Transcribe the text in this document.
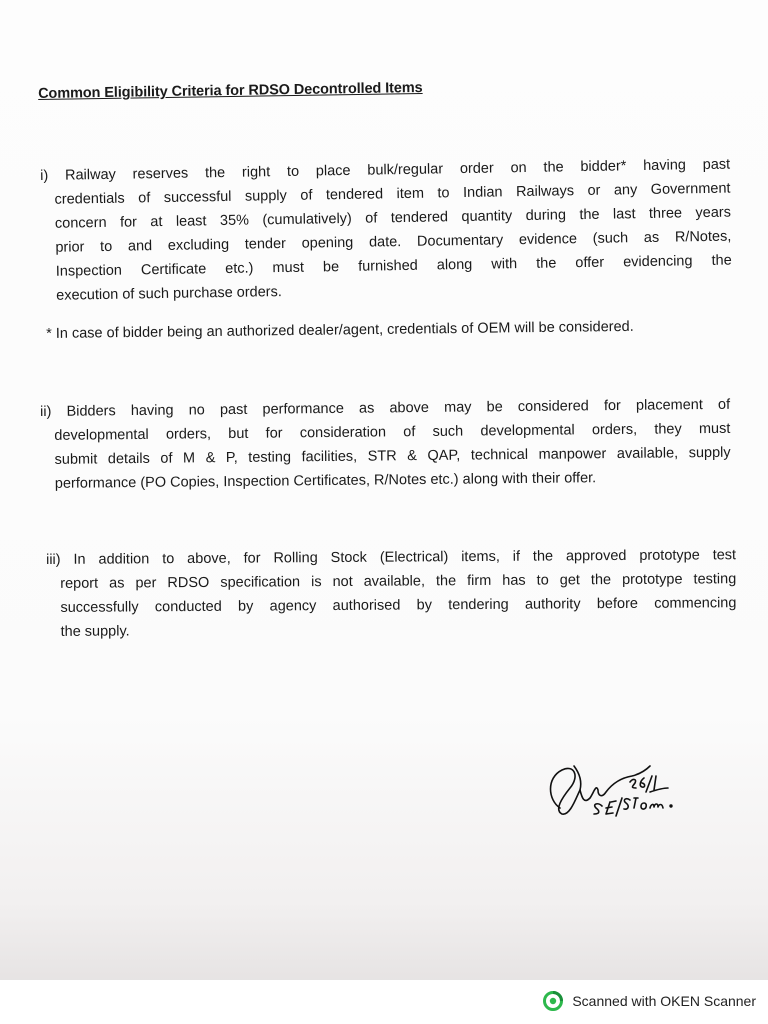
Common Eligibility Criteria for RDSO Decontrolled Items
i) Railway reserves the right to place bulk/regular order on the bidder* having past
credentials of successful supply of tendered item to Indian Railways or any Government
concern for at least 35% (cumulatively) of tendered quantity during the last three years
prior to and excluding tender opening date. Documentary evidence (such as R/Notes,
Inspection Certificate etc.) must be furnished along with the offer evidencing the
execution of such purchase orders.
* In case of bidder being an authorized dealer/agent, credentials of OEM will be considered.
ii) Bidders having no past performance as above may be considered for placement of
developmental orders, but for consideration of such developmental orders, they must
submit details of M & P, testing facilities, STR & QAP, technical manpower available, supply
performance (PO Copies, Inspection Certificates, R/Notes etc.) along with their offer.
iii) In addition to above, for Rolling Stock (Electrical) items, if the approved prototype test
report as per RDSO specification is not available, the firm has to get the prototype testing
successfully conducted by agency authorised by tendering authority before commencing
the supply.
Scanned with OKEN Scanner
